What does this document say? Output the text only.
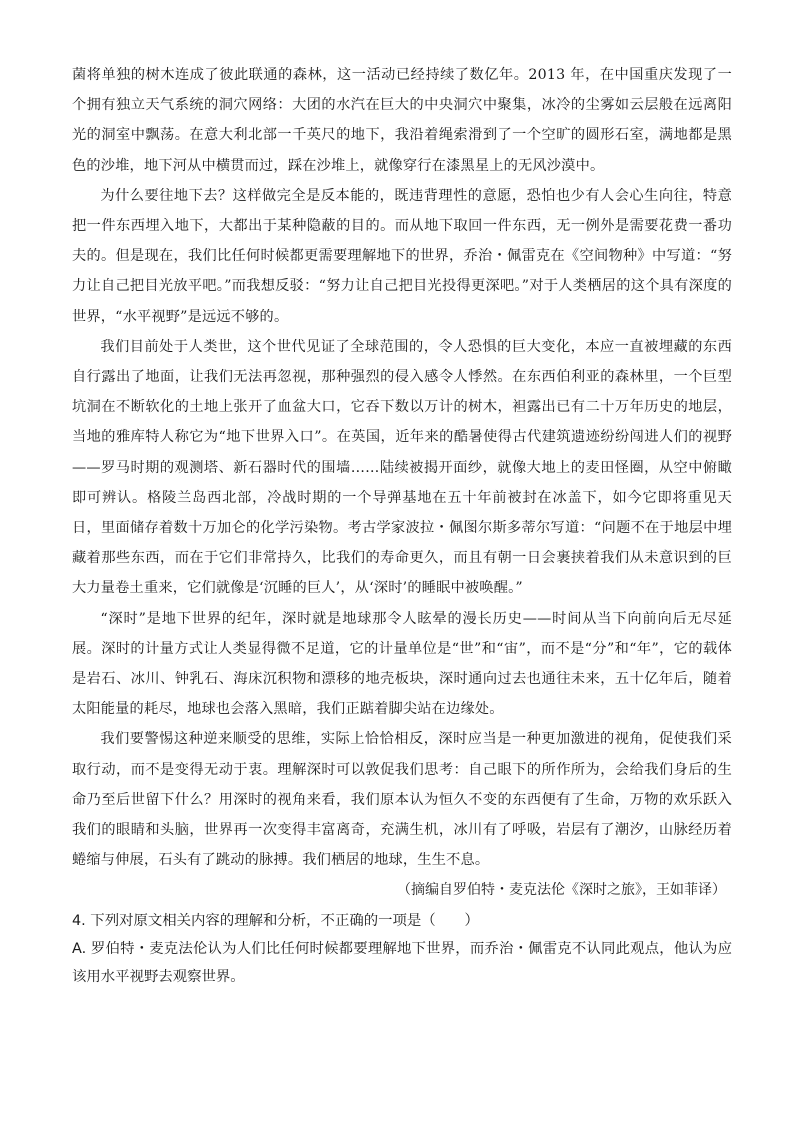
菌将单独的树木连成了彼此联通的森林，这一活动已经持续了数亿年。2013 年，在中国重庆发现了一个拥有独立天气系统的洞穴网络：大团的水汽在巨大的中央洞穴中聚集，冰冷的尘雾如云层般在远离阳光的洞室中飘荡。在意大利北部一千英尺的地下，我沿着绳索滑到了一个空旷的圆形石室，满地都是黑色的沙堆，地下河从中横贯而过，踩在沙堆上，就像穿行在漆黑星上的无风沙漠中。

为什么要往地下去？这样做完全是反本能的，既违背理性的意愿，恐怕也少有人会心生向往，特意把一件东西埋入地下，大都出于某种隐蔽的目的。而从地下取回一件东西，无一例外是需要花费一番功夫的。但是现在，我们比任何时候都更需要理解地下的世界，乔治・佩雷克在《空间物种》中写道：“努力让自己把目光放平吧。”而我想反驳：“努力让自己把目光投得更深吧。”对于人类栖居的这个具有深度的世界，“水平视野”是远远不够的。

我们目前处于人类世，这个世代见证了全球范围的，令人恐惧的巨大变化，本应一直被埋藏的东西自行露出了地面，让我们无法再忽视，那种强烈的侵入感令人悸然。在东西伯利亚的森林里，一个巨型坑洞在不断软化的土地上张开了血盆大口，它吞下数以万计的树木，袒露出已有二十万年历史的地层，当地的雅库特人称它为“地下世界入口”。在英国，近年来的酷暑使得古代建筑遗迹纷纷闯进人们的视野——罗马时期的观测塔、新石器时代的围墙……陆续被揭开面纱，就像大地上的麦田怪圈，从空中俯瞰即可辨认。格陵兰岛西北部，冷战时期的一个导弹基地在五十年前被封在冰盖下，如今它即将重见天日，里面储存着数十万加仑的化学污染物。考古学家波拉・佩图尔斯多蒂尔写道：“问题不在于地层中埋藏着那些东西，而在于它们非常持久，比我们的寿命更久，而且有朝一日会裹挟着我们从未意识到的巨大力量卷土重来，它们就像是‘沉睡的巨人’，从‘深时’的睡眠中被唤醒。”

“深时”是地下世界的纪年，深时就是地球那令人眩晕的漫长历史——时间从当下向前向后无尽延展。深时的计量方式让人类显得微不足道，它的计量单位是“世”和“宙”，而不是“分”和“年”，它的载体是岩石、冰川、钟乳石、海床沉积物和漂移的地壳板块，深时通向过去也通往未来，五十亿年后，随着太阳能量的耗尽，地球也会落入黑暗，我们正踮着脚尖站在边缘处。

我们要警惕这种逆来顺受的思维，实际上恰恰相反，深时应当是一种更加激进的视角，促使我们采取行动，而不是变得无动于衷。理解深时可以敦促我们思考：自己眼下的所作所为，会给我们身后的生命乃至后世留下什么？用深时的视角来看，我们原本认为恒久不变的东西便有了生命，万物的欢乐跃入我们的眼睛和头脑，世界再一次变得丰富离奇，充满生机，冰川有了呼吸，岩层有了潮汐，山脉经历着蜷缩与伸展，石头有了跳动的脉搏。我们栖居的地球，生生不息。

（摘编自罗伯特・麦克法伦《深时之旅》，王如菲译）

4. 下列对原文相关内容的理解和分析，不正确的一项是（　　）

A. 罗伯特・麦克法伦认为人们比任何时候都要理解地下世界，而乔治・佩雷克不认同此观点，他认为应该用水平视野去观察世界。
